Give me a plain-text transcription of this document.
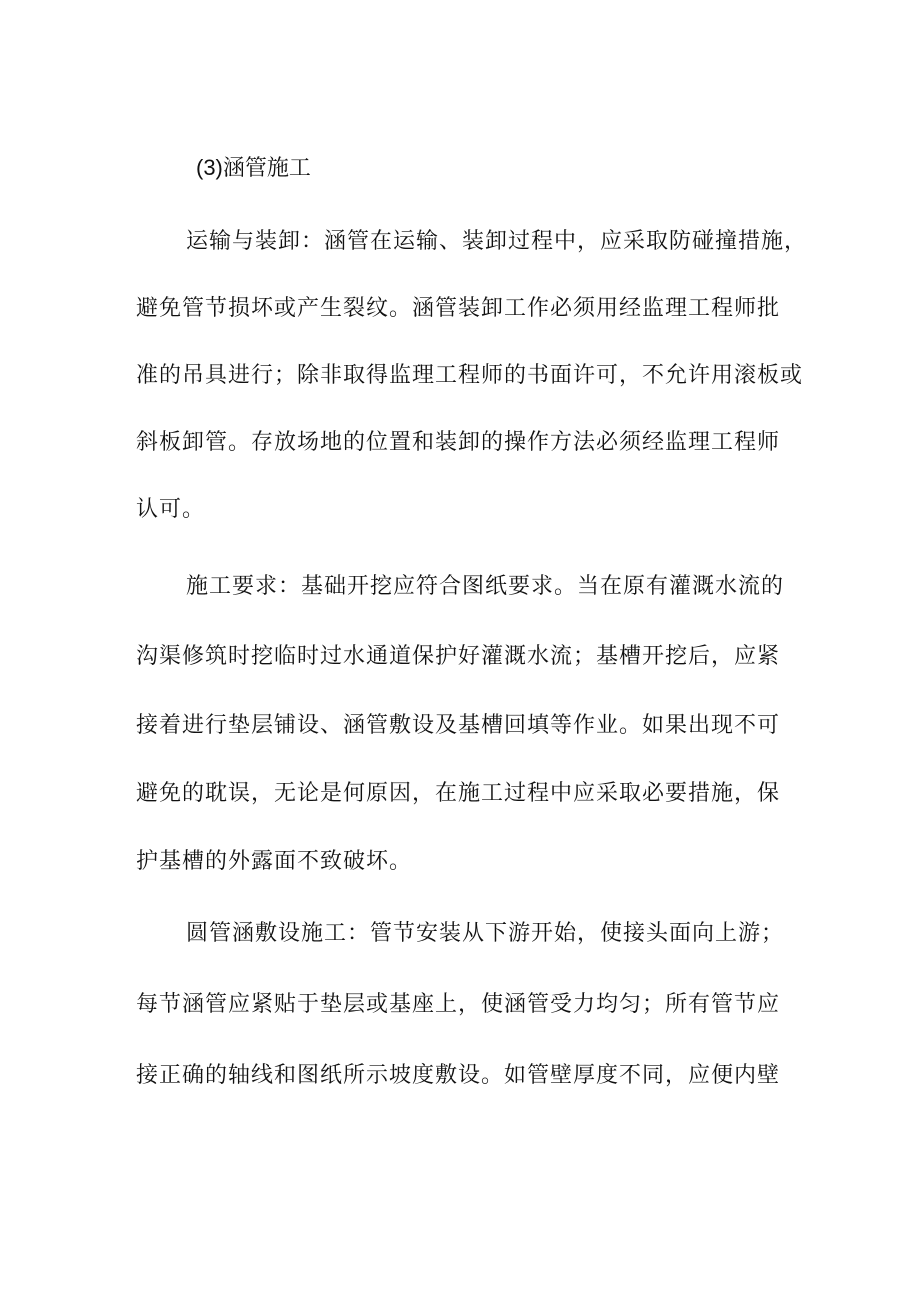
(3)涵管施工
运输与装卸：涵管在运输、装卸过程中，应采取防碰撞措施，
避免管节损坏或产生裂纹。涵管装卸工作必须用经监理工程师批
准的吊具进行；除非取得监理工程师的书面许可，不允许用滚板或
斜板卸管。存放场地的位置和装卸的操作方法必须经监理工程师
认可。
施工要求：基础开挖应符合图纸要求。当在原有灌溉水流的
沟渠修筑时挖临时过水通道保护好灌溉水流；基槽开挖后，应紧
接着进行垫层铺设、涵管敷设及基槽回填等作业。如果出现不可
避免的耽误，无论是何原因，在施工过程中应采取必要措施，保
护基槽的外露面不致破坏。
圆管涵敷设施工：管节安装从下游开始，使接头面向上游；
每节涵管应紧贴于垫层或基座上，使涵管受力均匀；所有管节应
接正确的轴线和图纸所示坡度敷设。如管壁厚度不同，应便内壁
